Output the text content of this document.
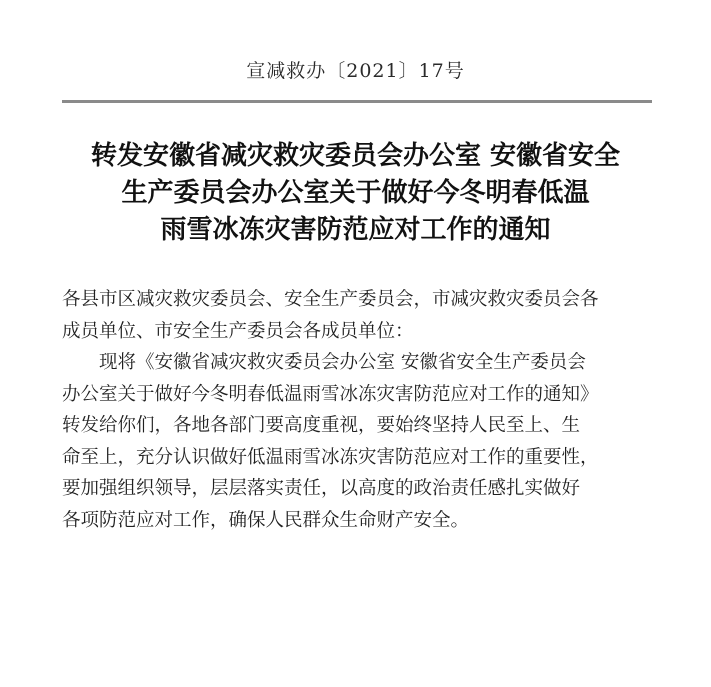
宣减救办〔2021〕17号
转发安徽省减灾救灾委员会办公室 安徽省安全
生产委员会办公室关于做好今冬明春低温
雨雪冰冻灾害防范应对工作的通知

各县市区减灾救灾委员会、安全生产委员会，市减灾救灾委员会各
成员单位、市安全生产委员会各成员单位：

现将《安徽省减灾救灾委员会办公室 安徽省安全生产委员会
办公室关于做好今冬明春低温雨雪冰冻灾害防范应对工作的通知》
转发给你们，各地各部门要高度重视，要始终坚持人民至上、生
命至上，充分认识做好低温雨雪冰冻灾害防范应对工作的重要性，
要加强组织领导，层层落实责任，以高度的政治责任感扎实做好
各项防范应对工作，确保人民群众生命财产安全。
